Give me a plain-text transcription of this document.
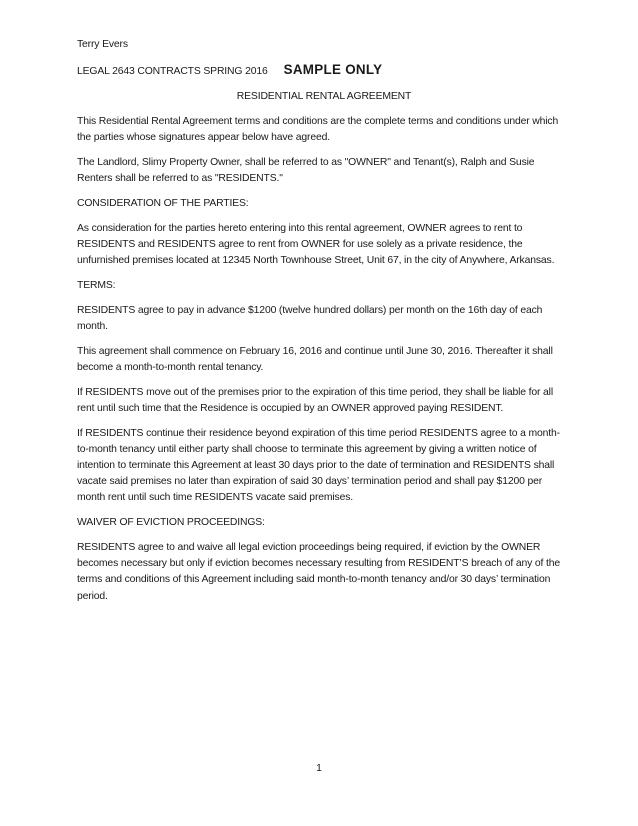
Terry Evers

LEGAL 2643 CONTRACTS SPRING 2016 SAMPLE ONLY

RESIDENTIAL RENTAL AGREEMENT

This Residential Rental Agreement terms and conditions are the complete terms and conditions under which the parties whose signatures appear below have agreed.

The Landlord, Slimy Property Owner, shall be referred to as "OWNER" and Tenant(s), Ralph and Susie Renters shall be referred to as "RESIDENTS."

CONSIDERATION OF THE PARTIES:

As consideration for the parties hereto entering into this rental agreement, OWNER agrees to rent to RESIDENTS and RESIDENTS agree to rent from OWNER for use solely as a private residence, the unfurnished premises located at 12345 North Townhouse Street, Unit 67, in the city of Anywhere, Arkansas.

TERMS:

RESIDENTS agree to pay in advance $1200 (twelve hundred dollars) per month on the 16th day of each month.

This agreement shall commence on February 16, 2016 and continue until June 30, 2016. Thereafter it shall become a month-to-month rental tenancy.

If RESIDENTS move out of the premises prior to the expiration of this time period, they shall be liable for all rent until such time that the Residence is occupied by an OWNER approved paying RESIDENT.

If RESIDENTS continue their residence beyond expiration of this time period RESIDENTS agree to a month-to-month tenancy until either party shall choose to terminate this agreement by giving a written notice of intention to terminate this Agreement at least 30 days prior to the date of termination and RESIDENTS shall vacate said premises no later than expiration of said 30 days’ termination period and shall pay $1200 per month rent until such time RESIDENTS vacate said premises.

WAIVER OF EVICTION PROCEEDINGS:

RESIDENTS agree to and waive all legal eviction proceedings being required, if eviction by the OWNER becomes necessary but only if eviction becomes necessary resulting from RESIDENT’S breach of any of the terms and conditions of this Agreement including said month-to-month tenancy and/or 30 days’ termination period.

1
